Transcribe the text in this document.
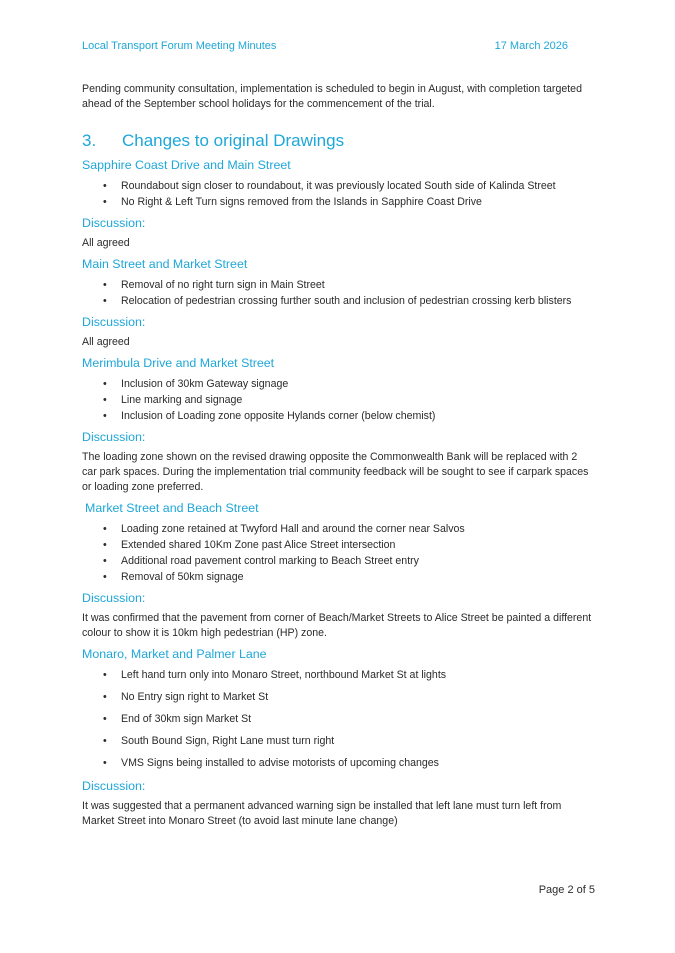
Local Transport Forum Meeting Minutes	17 March 2026

Pending community consultation, implementation is scheduled to begin in August, with completion targeted ahead of the September school holidays for the commencement of the trial.

3. Changes to original Drawings
Sapphire Coast Drive and Main Street
• Roundabout sign closer to roundabout, it was previously located South side of Kalinda Street
• No Right & Left Turn signs removed from the Islands in Sapphire Coast Drive
Discussion:

All agreed

Main Street and Market Street
• Removal of no right turn sign in Main Street
• Relocation of pedestrian crossing further south and inclusion of pedestrian crossing kerb blisters
Discussion:

All agreed

Merimbula Drive and Market Street
• Inclusion of 30km Gateway signage
• Line marking and signage
• Inclusion of Loading zone opposite Hylands corner (below chemist)
Discussion:

The loading zone shown on the revised drawing opposite the Commonwealth Bank will be replaced with 2 car park spaces. During the implementation trial community feedback will be sought to see if carpark spaces or loading zone preferred.

Market Street and Beach Street
• Loading zone retained at Twyford Hall and around the corner near Salvos
• Extended shared 10Km Zone past Alice Street intersection
• Additional road pavement control marking to Beach Street entry
• Removal of 50km signage
Discussion:

It was confirmed that the pavement from corner of Beach/Market Streets to Alice Street be painted a different colour to show it is 10km high pedestrian (HP) zone.

Monaro, Market and Palmer Lane
• Left hand turn only into Monaro Street, northbound Market St at lights
• No Entry sign right to Market St
• End of 30km sign Market St
• South Bound Sign, Right Lane must turn right
• VMS Signs being installed to advise motorists of upcoming changes
Discussion:

It was suggested that a permanent advanced warning sign be installed that left lane must turn left from Market Street into Monaro Street (to avoid last minute lane change)

Page 2 of 5
